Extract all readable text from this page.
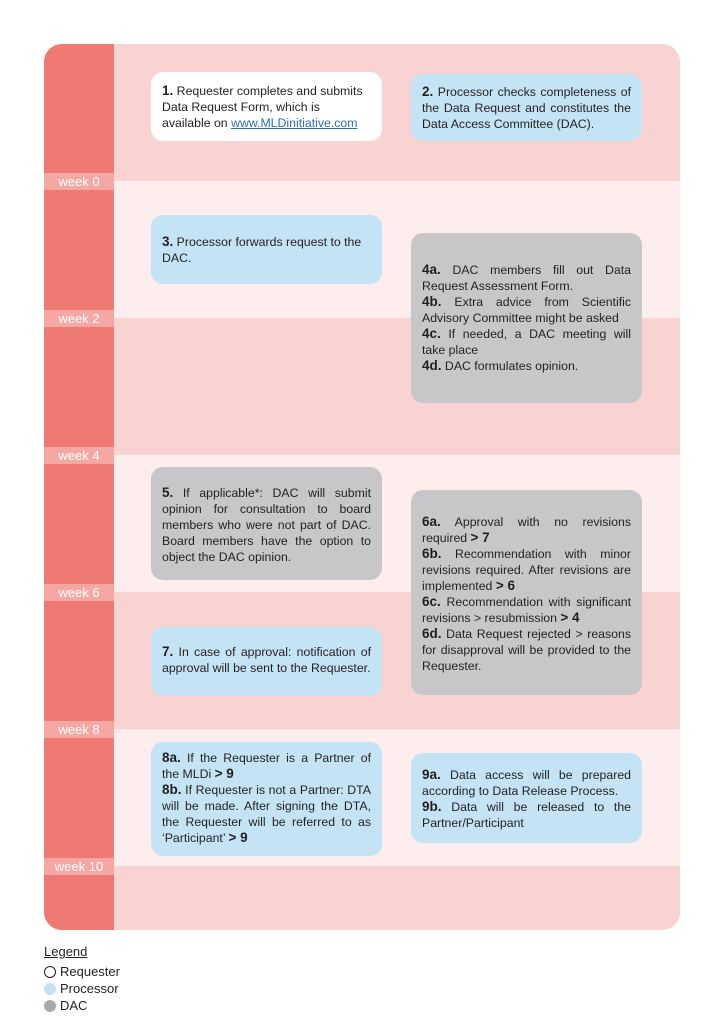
week 0
week 2
week 4
week 6
week 8
week 10

1. Requester completes and submits Data Request Form, which is available on www.MLDinitiative.com

2. Processor checks completeness of the Data Request and constitutes the Data Access Committee (DAC).

3. Processor forwards request to the DAC.

4a. DAC members fill out Data Request Assessment Form.

4b. Extra advice from Scientific Advisory Committee might be asked

4c. If needed, a DAC meeting will take place

4d. DAC formulates opinion.

5. If applicable*: DAC will submit opinion for consultation to board members who were not part of DAC. Board members have the option to object the DAC opinion.

6a. Approval with no revisions required > 7

6b. Recommendation with minor revisions required. After revisions are implemented > 6

6c. Recommendation with significant revisions > resubmission > 4

6d. Data Request rejected > reasons for disapproval will be provided to the Requester.

7. In case of approval: notification of approval will be sent to the Requester.

8a. If the Requester is a Partner of the MLDi > 9

8b. If Requester is not a Partner: DTA will be made. After signing the DTA, the Requester will be referred to as ‘Participant’ > 9

9a. Data access will be prepared according to Data Release Process.

9b. Data will be released to the Partner/Participant

Legend
Requester
Processor
DAC
